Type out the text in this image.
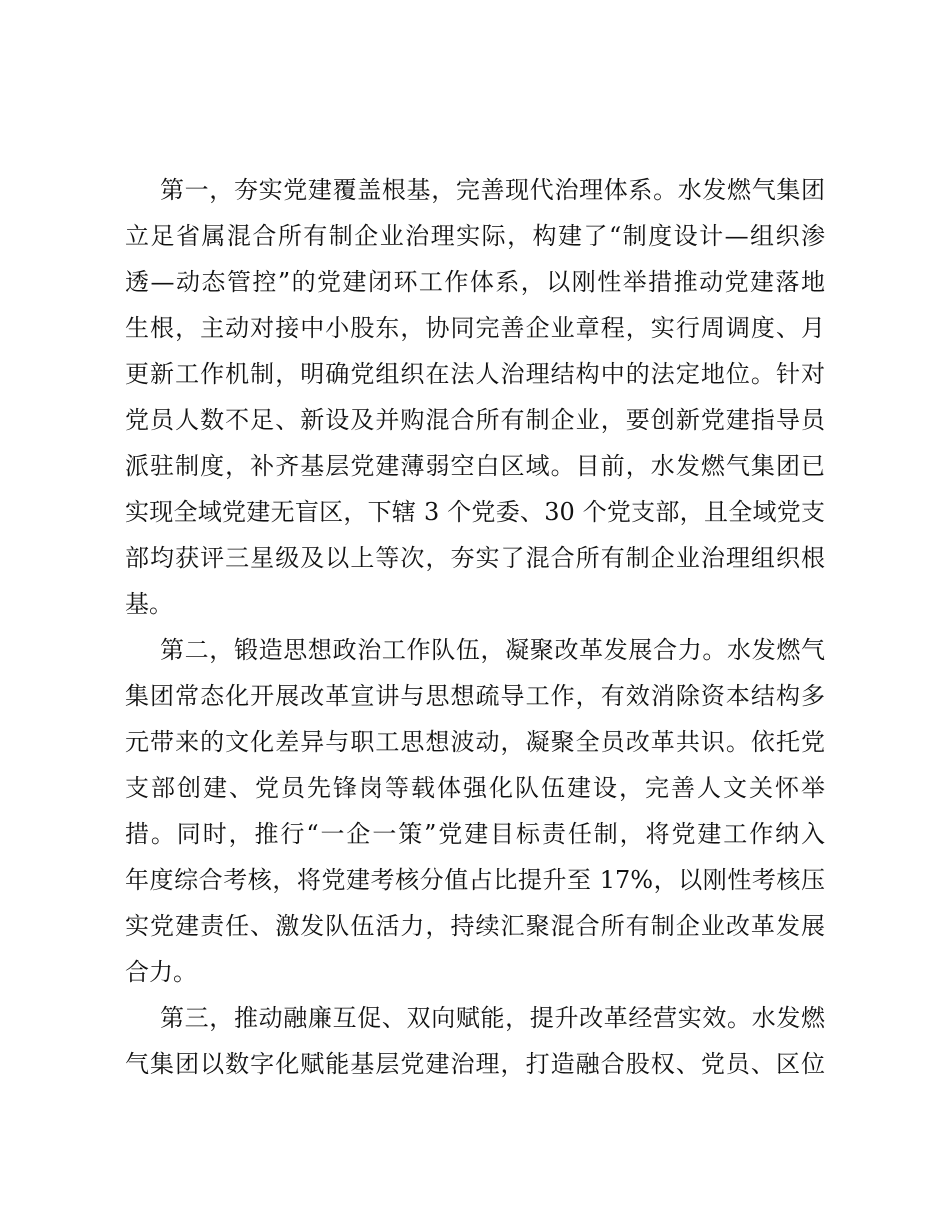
第一，夯实党建覆盖根基，完善现代治理体系。水发燃气集团
立足省属混合所有制企业治理实际，构建了“制度设计—组织渗
透—动态管控”的党建闭环工作体系，以刚性举措推动党建落地
生根，主动对接中小股东，协同完善企业章程，实行周调度、月
更新工作机制，明确党组织在法人治理结构中的法定地位。针对
党员人数不足、新设及并购混合所有制企业，要创新党建指导员
派驻制度，补齐基层党建薄弱空白区域。目前，水发燃气集团已
实现全域党建无盲区，下辖 3 个党委、30 个党支部，且全域党支
部均获评三星级及以上等次，夯实了混合所有制企业治理组织根
基。
第二，锻造思想政治工作队伍，凝聚改革发展合力。水发燃气
集团常态化开展改革宣讲与思想疏导工作，有效消除资本结构多
元带来的文化差异与职工思想波动，凝聚全员改革共识。依托党
支部创建、党员先锋岗等载体强化队伍建设，完善人文关怀举
措。同时，推行“一企一策”党建目标责任制，将党建工作纳入
年度综合考核，将党建考核分值占比提升至 17%，以刚性考核压
实党建责任、激发队伍活力，持续汇聚混合所有制企业改革发展
合力。
第三，推动融廉互促、双向赋能，提升改革经营实效。水发燃
气集团以数字化赋能基层党建治理，打造融合股权、党员、区位
